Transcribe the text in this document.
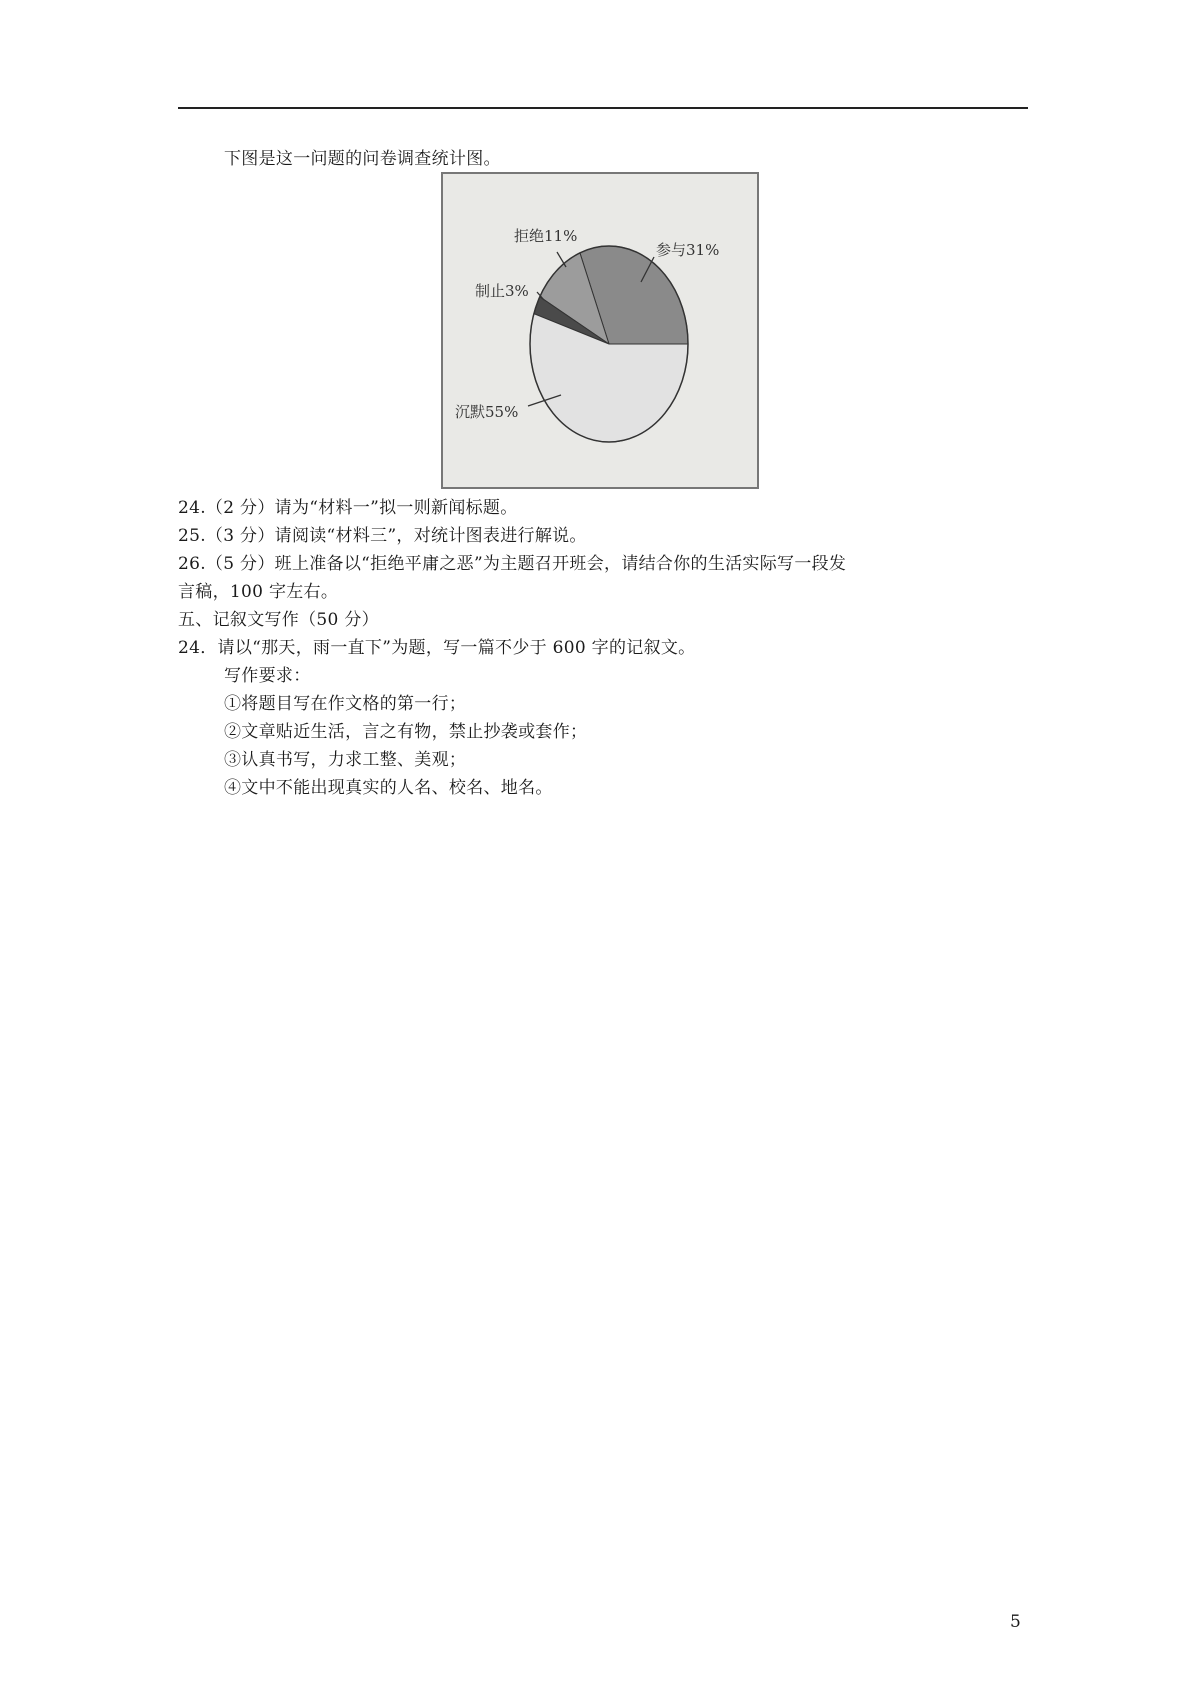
下图是这一问题的问卷调查统计图。
拒绝11%
参与31%
制止3%
沉默55%
24.（2 分）请为“材料一”拟一则新闻标题。
25.（3 分）请阅读“材料三”，对统计图表进行解说。
26.（5 分）班上准备以“拒绝平庸之恶”为主题召开班会，请结合你的生活实际写一段发
言稿，100 字左右。
五、记叙文写作（50 分）
24．请以“那天，雨一直下”为题，写一篇不少于 600 字的记叙文。
写作要求：
①将题目写在作文格的第一行；
②文章贴近生活，言之有物，禁止抄袭或套作；
③认真书写，力求工整、美观；
④文中不能出现真实的人名、校名、地名。
5
